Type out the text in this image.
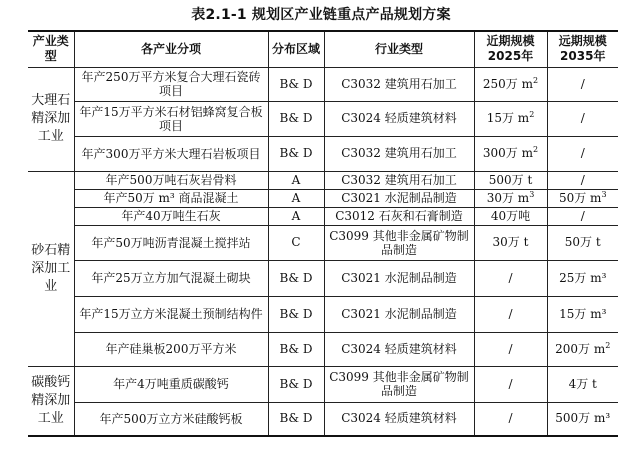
表2.1-1 规划区产业链重点产品规划方案
产业类型	各产业分项	分布区域	行业类型	近期规模2025年	远期规模2035年
大理石精深加工业	年产250万平方米复合大理石瓷砖项目	B& D	C3032 建筑用石加工	250万 $m^2$	/
	年产15万平方米石材铝蜂窝复合板项目	B& D	C3024 轻质建筑材料	15万 $m^2$	/
	年产300万平方米大理石岩板项目	B& D	C3032 建筑用石加工	300万 $m^2$	/
砂石精深加工业	年产500万吨石灰岩骨料	A	C3032 建筑用石加工	500万 t	/
	年产50万 m³ 商品混凝土	A	C3021 水泥制品制造	30万 $m^3$	50万 $m^3$
	年产40万吨生石灰	A	C3012 石灰和石膏制造	40万吨	/
	年产50万吨沥青混凝土搅拌站	C	C3099 其他非金属矿物制品制造	30万 t	50万 t
	年产25万立方加气混凝土砌块	B& D	C3021 水泥制品制造	/	25万 m³
	年产15万立方米混凝土预制结构件	B& D	C3021 水泥制品制造	/	15万 m³
	年产硅巢板200万平方米	B& D	C3024 轻质建筑材料	/	200万 $m^2$
碳酸钙精深加工业	年产4万吨重质碳酸钙	B& D	C3099 其他非金属矿物制品制造	/	4万 t
	年产500万立方米硅酸钙板	B& D	C3024 轻质建筑材料	/	500万 m³
